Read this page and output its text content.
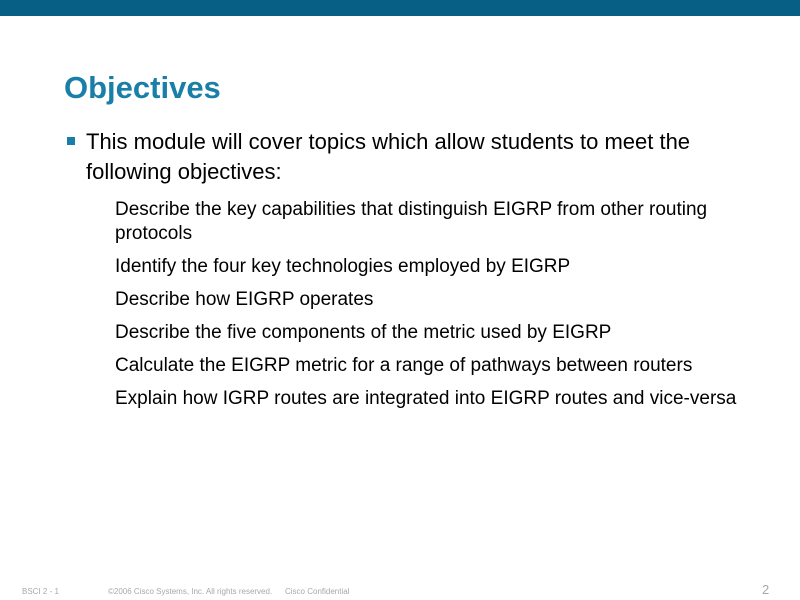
Objectives
This module will cover topics which allow students to meet the following objectives:
Describe the key capabilities that distinguish EIGRP from other routing protocols
Identify the four key technologies employed by EIGRP
Describe how EIGRP operates
Describe the five components of the metric used by EIGRP
Calculate the EIGRP metric for a range of pathways between routers
Explain how IGRP routes are integrated into EIGRP routes and vice-versa
BSCI 2 - 1	©2006 Cisco Systems, Inc. All rights reserved. Cisco Confidential	2
